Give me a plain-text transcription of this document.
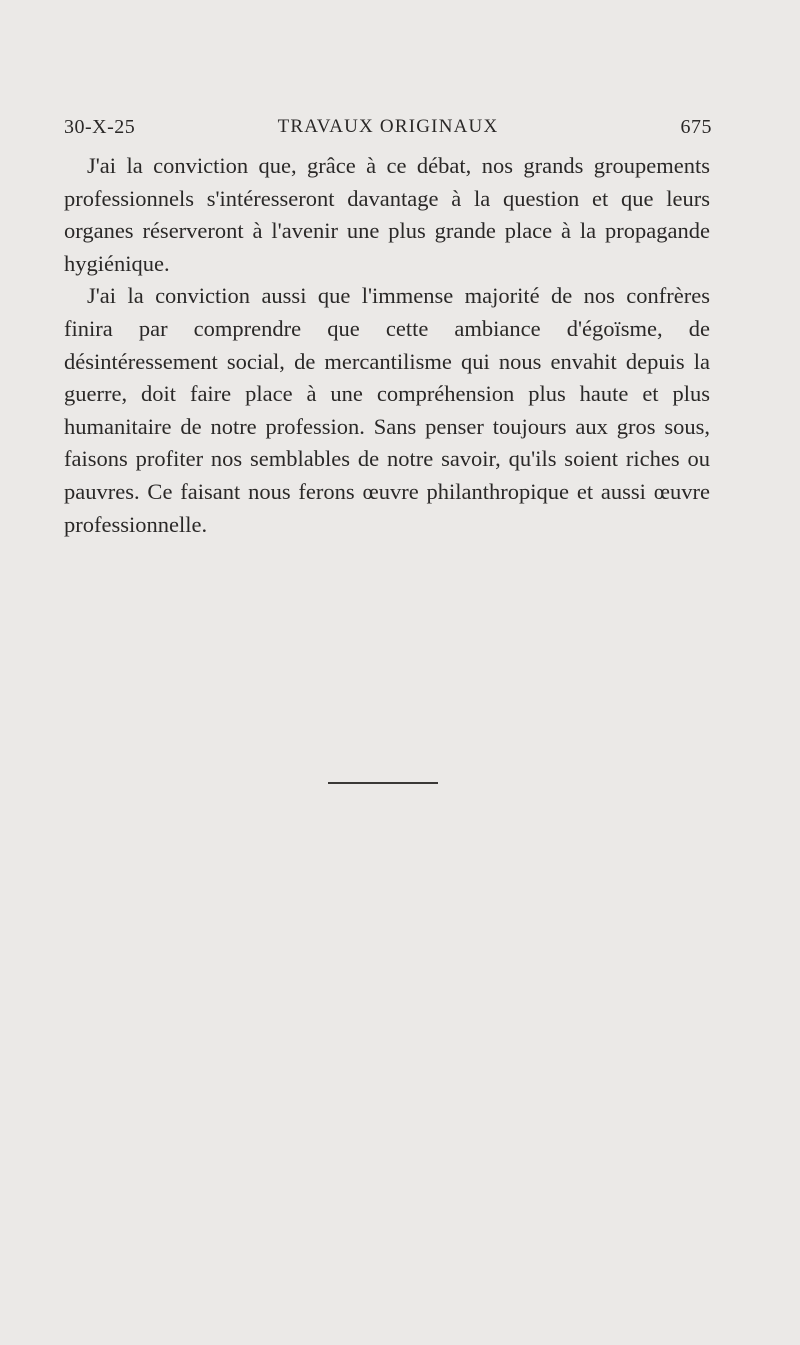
30-X-25	TRAVAUX ORIGINAUX	675

J'ai la conviction que, grâce à ce débat, nos grands groupements professionnels s'intéresseront davantage à la question et que leurs organes réserveront à l'avenir une plus grande place à la propagande hygiénique.

J'ai la conviction aussi que l'immense majorité de nos confrères finira par comprendre que cette ambiance d'égoïsme, de désintéressement social, de mercantilisme qui nous envahit depuis la guerre, doit faire place à une compréhension plus haute et plus humanitaire de notre profession. Sans penser toujours aux gros sous, faisons profiter nos semblables de notre savoir, qu'ils soient riches ou pauvres. Ce faisant nous ferons œuvre philanthropique et aussi œuvre professionnelle.
